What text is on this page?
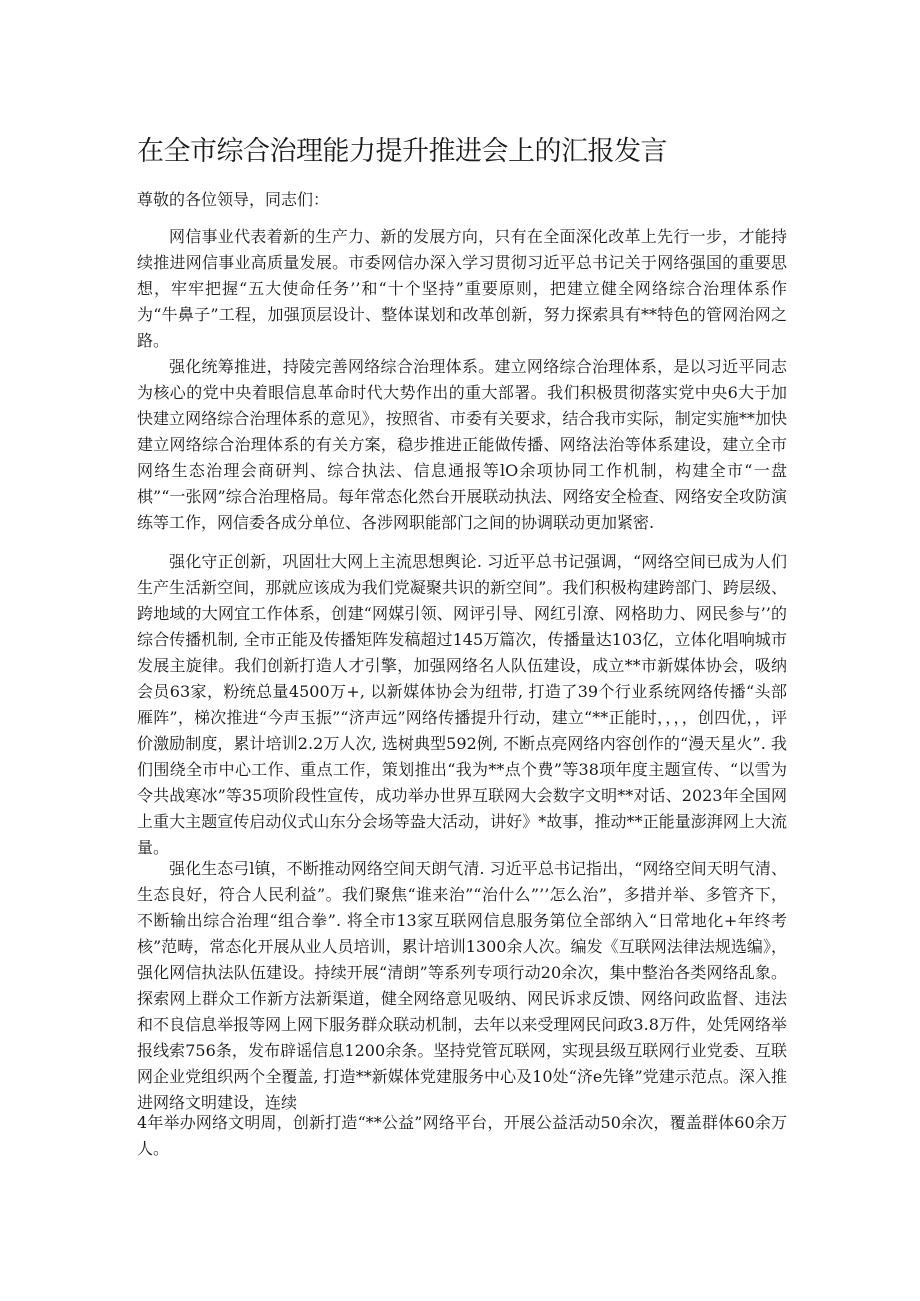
在全市综合治理能力提升推进会上的汇报发言
尊敬的各位领导，同志们：

网信事业代表着新的生产力、新的发展方向，只有在全面深化改革上先行一步，才能持续推进网信事业高质量发展。市委网信办深入学习贯彻习近平总书记关于网络强国的重要思想，牢牢把握“五大使命任务’’和“十个坚持”重要原则，把建立健全网络综合治理体系作为“牛鼻子”工程，加强顶层设计、整体谋划和改革创新，努力探索具有**特色的管网治网之路。

强化统筹推进，持陵完善网络综合治理体系。建立网络综合治理体系，是以习近平同志为核心的党中央着眼信息革命时代大势作出的重大部署。我们积极贯彻落实党中央6大于加快建立网络综合治理体系的意见》，按照省、市委有关要求，结合我市实际，制定实施**加快建立网络综合治理体系的有关方案，稳步推进正能做传播、网络法治等体系建设，建立全市网络生态治理会商研判、综合执法、信息通报等lO余项协同工作机制，构建全市“一盘棋”“一张网”综合治理格局。每年常态化然台开展联动执法、网络安全检查、网络安全攻防演练等工作，网信委各成分单位、各涉网职能部门之间的协调联动更加紧密.

强化守正创新，巩固壮大网上主流思想舆论. 习近平总书记强调，“网络空间已成为人们生产生活新空间，那就应该成为我们党凝聚共识的新空间”。我们积极构建跨部门、跨层级、跨地域的大网宜工作体系，创建“网媒引领、网评引导、网红引潦、网格助力、网民参与’’的综合传播机制, 全市正能及传播矩阵发稿超过145万篇次，传播量达103亿，立体化唱响城市发展主旋律。我们创新打造人才引擎，加强网络名人队伍建设，成立**市新媒体协会，吸纳会员63家，粉统总量4500万+, 以新媒体协会为纽带, 打造了39个行业系统网络传播“头部雁阵”，梯次推进“今声玉振”“济声远”网络传播提升行动，建立“**正能时，，，，创四优，，评价激励制度，累计培训2.2万人次, 选树典型592例, 不断点亮网络内容创作的“漫天星火”. 我们围绕全市中心工作、重点工作，策划推出“我为**点个费”等38项年度主题宣传、“以雪为令共战寒冰”等35项阶段性宣传，成功举办世界互联网大会数字文明**对话、2023年全国网上重大主题宣传启动仪式山东分会场等盎大活动，讲好》*故事，推动**正能量澎湃网上大流量。

强化生态弓l镇，不断推动网络空间天朗气清. 习近平总书记指出，“网络空间天明气清、生态良好，符合人民利益”。我们聚焦“谁来治”“治什么”’’怎么治”，多措并举、多管齐下，不断输出综合治理“组合拳”. 将全市13家互联网信息服务第位全部纳入“日常地化+年终考核”范畴，常态化开展从业人员培训，累计培训1300余人次。编发《互联网法律法规选编》，强化网信执法队伍建设。持续开展“清朗”等系列专项行动20余次，集中整治各类网络乱象。探索网上群众工作新方法新渠道，健全网络意见吸纳、网民诉求反馈、网络问政监督、违法和不良信息举报等网上网下服务群众联动机制，去年以来受理网民问政3.8万件，处凭网络举报线索756条，发布辟谣信息1200余条。坚持党管瓦联网，实现县级互联网行业党委、互联网企业党组织两个全覆盖, 打造**新媒体党建服务中心及10处“济e先锋”党建示范点。深入推进网络文明建设，连续

4年举办网络文明周，创新打造“**公益”网络平台，开展公益活动50余次，覆盖群体60余万人。
